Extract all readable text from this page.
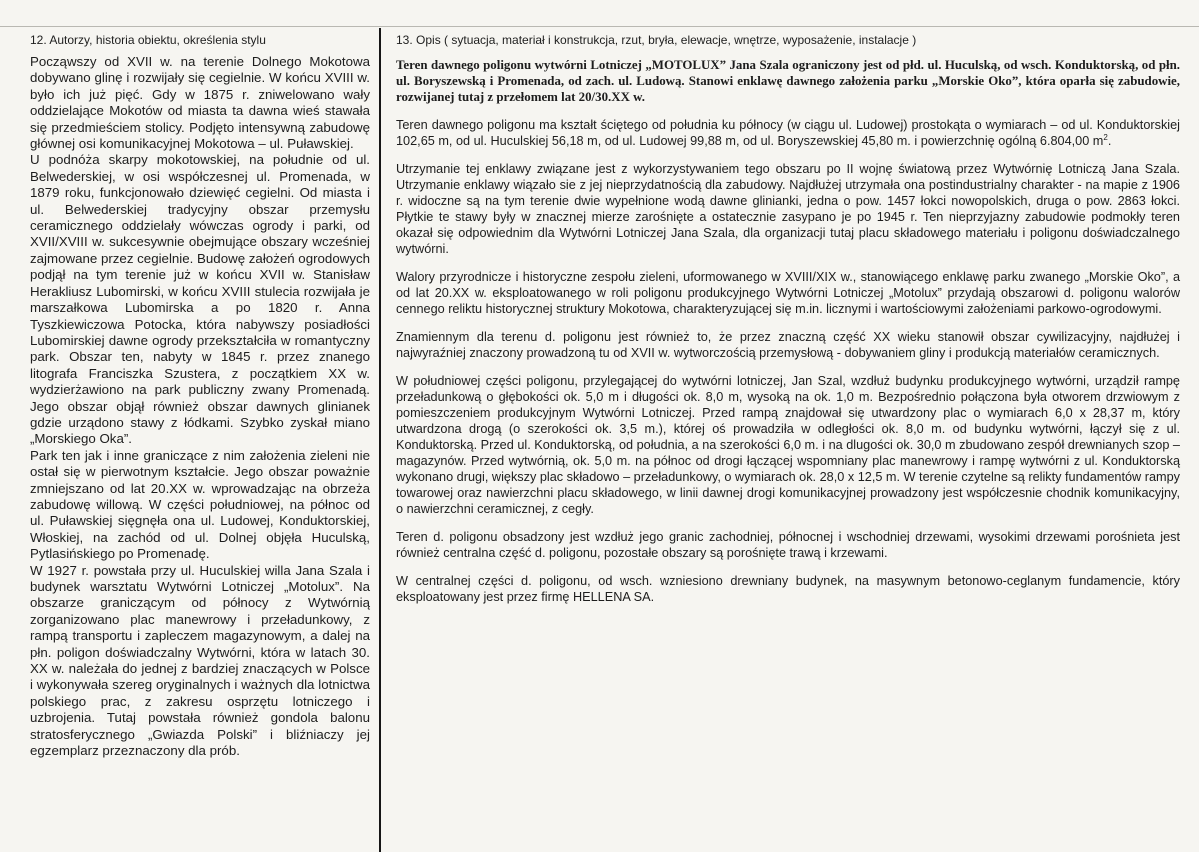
12. Autorzy, historia obiektu, określenia stylu

Począwszy od XVII w. na terenie Dolnego Mokotowa dobywano glinę i rozwijały się cegielnie. W końcu XVIII w. było ich już pięć. Gdy w 1875 r. zniwelowano wały oddzielające Mokotów od miasta ta dawna wieś stawała się przedmieściem stolicy. Podjęto intensywną zabudowę głównej osi komunikacyjnej Mokotowa – ul. Puławskiej.

U podnóża skarpy mokotowskiej, na południe od ul. Belwederskiej, w osi współczesnej ul. Promenada, w 1879 roku, funkcjonowało dziewięć cegielni. Od miasta i ul. Belwederskiej tradycyjny obszar przemysłu ceramicznego oddzielały wówczas ogrody i parki, od XVII/XVIII w. sukcesywnie obejmujące obszary wcześniej zajmowane przez cegielnie. Budowę założeń ogrodowych podjął na tym terenie już w końcu XVII w. Stanisław Herakliusz Lubomirski, w końcu XVIII stulecia rozwijała je marszałkowa Lubomirska a po 1820 r. Anna Tyszkiewiczowa Potocka, która nabywszy posiadłości Lubomirskiej dawne ogrody przekształciła w romantyczny park. Obszar ten, nabyty w 1845 r. przez znanego litografa Franciszka Szustera, z początkiem XX w. wydzierżawiono na park publiczny zwany Promenadą. Jego obszar objął również obszar dawnych glinianek gdzie urządono stawy z łódkami. Szybko zyskał miano „Morskiego Oka”.

Park ten jak i inne graniczące z nim założenia zieleni nie ostał się w pierwotnym kształcie. Jego obszar poważnie zmniejszano od lat 20.XX w. wprowadzając na obrzeża zabudowę willową. W części południowej, na północ od ul. Puławskiej sięgnęła ona ul. Ludowej, Konduktorskiej, Włoskiej, na zachód od ul. Dolnej objęła Huculską, Pytlasińskiego po Promenadę.

W 1927 r. powstała przy ul. Huculskiej willa Jana Szala i budynek warsztatu Wytwórni Lotniczej „Motolux”. Na obszarze graniczącym od północy z Wytwórnią zorganizowano plac manewrowy i przeładunkowy, z rampą transportu i zapleczem magazynowym, a dalej na płn. poligon doświadczalny Wytwórni, która w latach 30. XX w. należała do jednej z bardziej znaczących w Polsce i wykonywała szereg oryginalnych i ważnych dla lotnictwa polskiego prac, z zakresu osprzętu lotniczego i uzbrojenia. Tutaj powstała również gondola balonu stratosferycznego „Gwiazda Polski” i bliźniaczy jej egzemplarz przeznaczony dla prób.

13. Opis ( sytuacja, materiał i konstrukcja, rzut, bryła, elewacje, wnętrze, wyposażenie, instalacje )

Teren dawnego poligonu wytwórni Lotniczej „MOTOLUX” Jana Szala ograniczony jest od płd. ul. Huculską, od wsch. Konduktorską, od płn. ul. Boryszewską i Promenada, od zach. ul. Ludową. Stanowi enklawę dawnego założenia parku „Morskie Oko”, która oparła się zabudowie, rozwijanej tutaj z przełomem lat 20/30.XX w.

Teren dawnego poligonu ma kształt ściętego od południa ku północy (w ciągu ul. Ludowej) prostokąta o wymiarach – od ul. Konduktorskiej 102,65 m, od ul. Huculskiej 56,18 m, od ul. Ludowej 99,88 m, od ul. Boryszewskiej 45,80 m. i powierzchnię ogólną 6.804,00 $m^2$.

Utrzymanie tej enklawy związane jest z wykorzystywaniem tego obszaru po II wojnę światową przez Wytwórnię Lotniczą Jana Szala. Utrzymanie enklawy wiązało sie z jej nieprzydatnością dla zabudowy. Najdłużej utrzymała ona postindustrialny charakter - na mapie z 1906 r. widoczne są na tym terenie dwie wypełnione wodą dawne glinianki, jedna o pow. 1457 łokci nowopolskich, druga o pow. 2863 łokci. Płytkie te stawy były w znacznej mierze zarośnięte a ostatecznie zasypano je po 1945 r. Ten nieprzyjazny zabudowie podmokły teren okazał się odpowiednim dla Wytwórni Lotniczej Jana Szala, dla organizacji tutaj placu składowego materiału i poligonu doświadczalnego wytwórni.

Walory przyrodnicze i historyczne zespołu zieleni, uformowanego w XVIII/XIX w., stanowiącego enklawę parku zwanego „Morskie Oko”, a od lat 20.XX w. eksploatowanego w roli poligonu produkcyjnego Wytwórni Lotniczej „Motolux” przydają obszarowi d. poligonu walorów cennego reliktu historycznej struktury Mokotowa, charakteryzującej się m.in. licznymi i wartościowymi założeniami parkowo-ogrodowymi.

Znamiennym dla terenu d. poligonu jest również to, że przez znaczną część XX wieku stanowił obszar cywilizacyjny, najdłużej i najwyraźniej znaczony prowadzoną tu od XVII w. wytworczością przemysłową - dobywaniem gliny i produkcją materiałów ceramicznych.

W południowej części poligonu, przylegającej do wytwórni lotniczej, Jan Szal, wzdłuż budynku produkcyjnego wytwórni, urządził rampę przeładunkową o głębokości ok. 5,0 m i długości ok. 8,0 m, wysoką na ok. 1,0 m. Bezpośrednio połączona była otworem drzwiowym z pomieszczeniem produkcyjnym Wytwórni Lotniczej. Przed rampą znajdował się utwardzony plac o wymiarach 6,0 x 28,37 m, który utwardzona drogą (o szerokości ok. 3,5 m.), której oś prowadziła w odległości ok. 8,0 m. od budynku wytwórni, łączył się z ul. Konduktorską. Przed ul. Konduktorską, od południa, a na szerokości 6,0 m. i na dlugości ok. 30,0 m zbudowano zespół drewnianych szop – magazynów. Przed wytwórnią, ok. 5,0 m. na północ od drogi łączącej wspomniany plac manewrowy i rampę wytwórni z ul. Konduktorską wykonano drugi, większy plac składowo – przeładunkowy, o wymiarach ok. 28,0 x 12,5 m. W terenie czytelne są relikty fundamentów rampy towarowej oraz nawierzchni placu składowego, w linii dawnej drogi komunikacyjnej prowadzony jest współczesnie chodnik komunikacyjny, o nawierzchni ceramicznej, z cegły.

Teren d. poligonu obsadzony jest wzdłuż jego granic zachodniej, północnej i wschodniej drzewami, wysokimi drzewami porośnieta jest również centralna część d. poligonu, pozostałe obszary są porośnięte trawą i krzewami.

W centralnej części d. poligonu, od wsch. wzniesiono drewniany budynek, na masywnym betonowo-ceglanym fundamencie, który eksploatowany jest przez firmę HELLENA SA.
